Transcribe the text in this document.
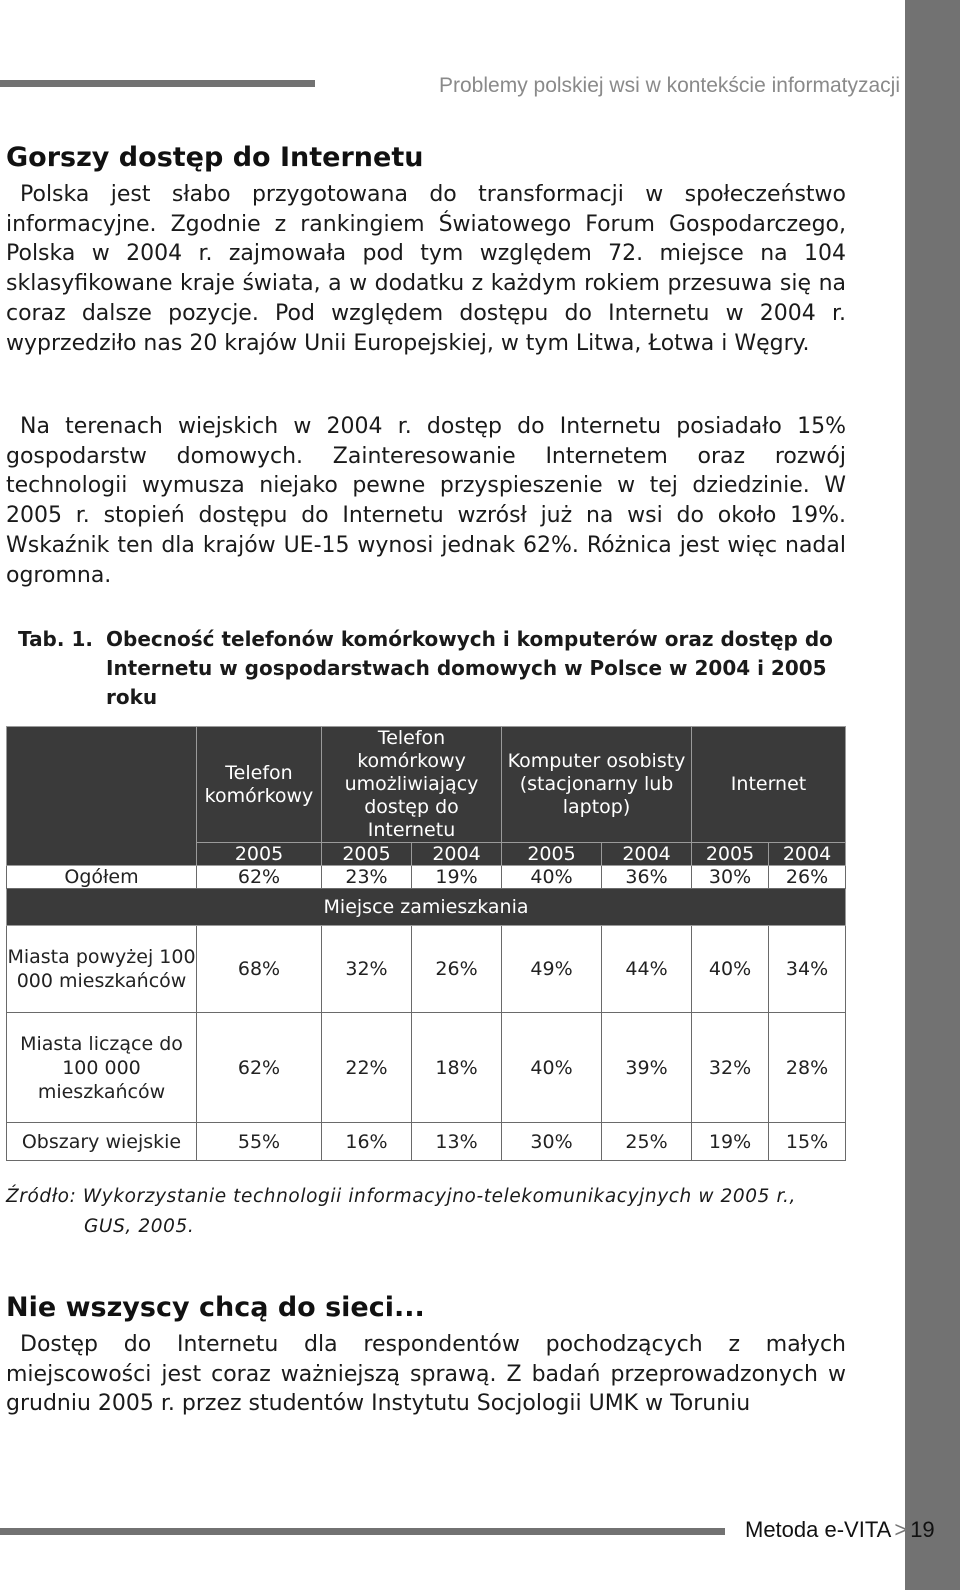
Problemy polskiej wsi w kontekście informatyzacji
Gorszy dostęp do Internetu

Polska jest słabo przygotowana do transformacji w społeczeństwo informacyjne. Zgodnie z rankingiem Światowego Forum Gospodarczego, Polska w 2004 r. zajmowała pod tym względem 72. miejsce na 104 sklasyfikowane kraje świata, a w dodatku z każdym rokiem przesuwa się na coraz dalsze pozycje. Pod względem dostępu do Internetu w 2004 r. wyprzedziło nas 20 krajów Unii Europejskiej, w tym Litwa, Łotwa i Węgry.

Na terenach wiejskich w 2004 r. dostęp do Internetu posiadało 15% gospodarstw domowych. Zainteresowanie Internetem oraz rozwój technologii wymusza niejako pewne przyspieszenie w tej dziedzinie. W 2005 r. stopień dostępu do Internetu wzrósł już na wsi do około 19%. Wskaźnik ten dla krajów UE-15 wynosi jednak 62%. Różnica jest więc nadal ogromna.

Tab. 1. Obecność telefonów komórkowych i komputerów oraz dostęp do Internetu w gospodarstwach domowych w Polsce w 2004 i 2005 roku
	Telefon komórkowy	Telefon komórkowy umożliwiający dostęp do Internetu		Komputer osobisty (stacjonarny lub laptop)		Internet	
	2005	2005	2004	2005	2004	2005	2004
Ogółem	62%	23%	19%	40%	36%	30%	26%
Miejsce zamieszkania							
Miasta powyżej 100 000 mieszkańców	68%	32%	26%	49%	44%	40%	34%
Miasta liczące do 100 000 mieszkańców	62%	22%	18%	40%	39%	32%	28%
Obszary wiejskie	55%	16%	13%	30%	25%	19%	15%
Źródło: Wykorzystanie technologii informacyjno-telekomunikacyjnych w 2005 r.,
GUS, 2005.
Nie wszyscy chcą do sieci...

Dostęp do Internetu dla respondentów pochodzących z małych miejscowości jest coraz ważniejszą sprawą. Z badań przeprowadzonych w grudniu 2005 r. przez studentów Instytutu Socjologii UMK w Toruniu

Metoda e-VITA > 19
